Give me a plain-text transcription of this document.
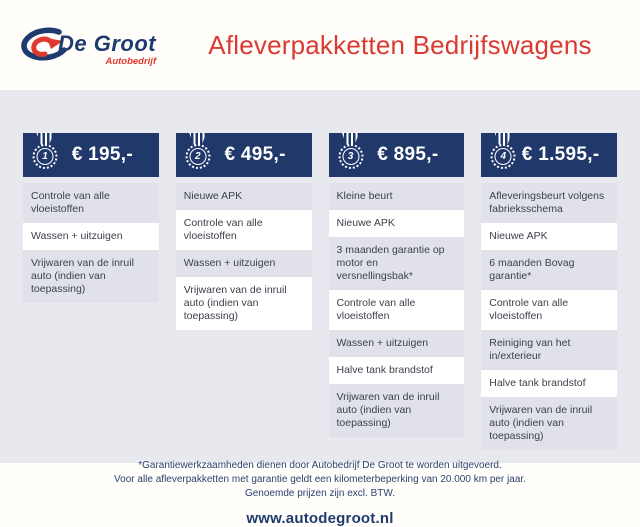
De Groot
Autobedrijf
Afleverpakketten Bedrijfswagens
1	€ 195,-
Controle van alle vloeistoffen
Wassen + uitzuigen
Vrijwaren van de inruil auto (indien van toepassing)
2	€ 495,-
Nieuwe APK
Controle van alle vloeistoffen
Wassen + uitzuigen
Vrijwaren van de inruil auto (indien van toepassing)
3	€ 895,-
Kleine beurt
Nieuwe APK
3 maanden garantie op motor en versnellingsbak*
Controle van alle vloeistoffen
Wassen + uitzuigen
Halve tank brandstof
Vrijwaren van de inruil auto (indien van toepassing)
4 € 1.595,-
Afleveringsbeurt volgens fabrieksschema
Nieuwe APK
6 maanden Bovag garantie*
Controle van alle vloeistoffen
Reiniging van het in/exterieur
Halve tank brandstof
Vrijwaren van de inruil auto (indien van toepassing)
*Garantiewerkzaamheden dienen door Autobedrijf De Groot te worden uitgevoerd.
Voor alle afleverpakketten met garantie geldt een kilometerbeperking van 20.000 km per jaar.
Genoemde prijzen zijn excl. BTW.
www.autodegroot.nl
